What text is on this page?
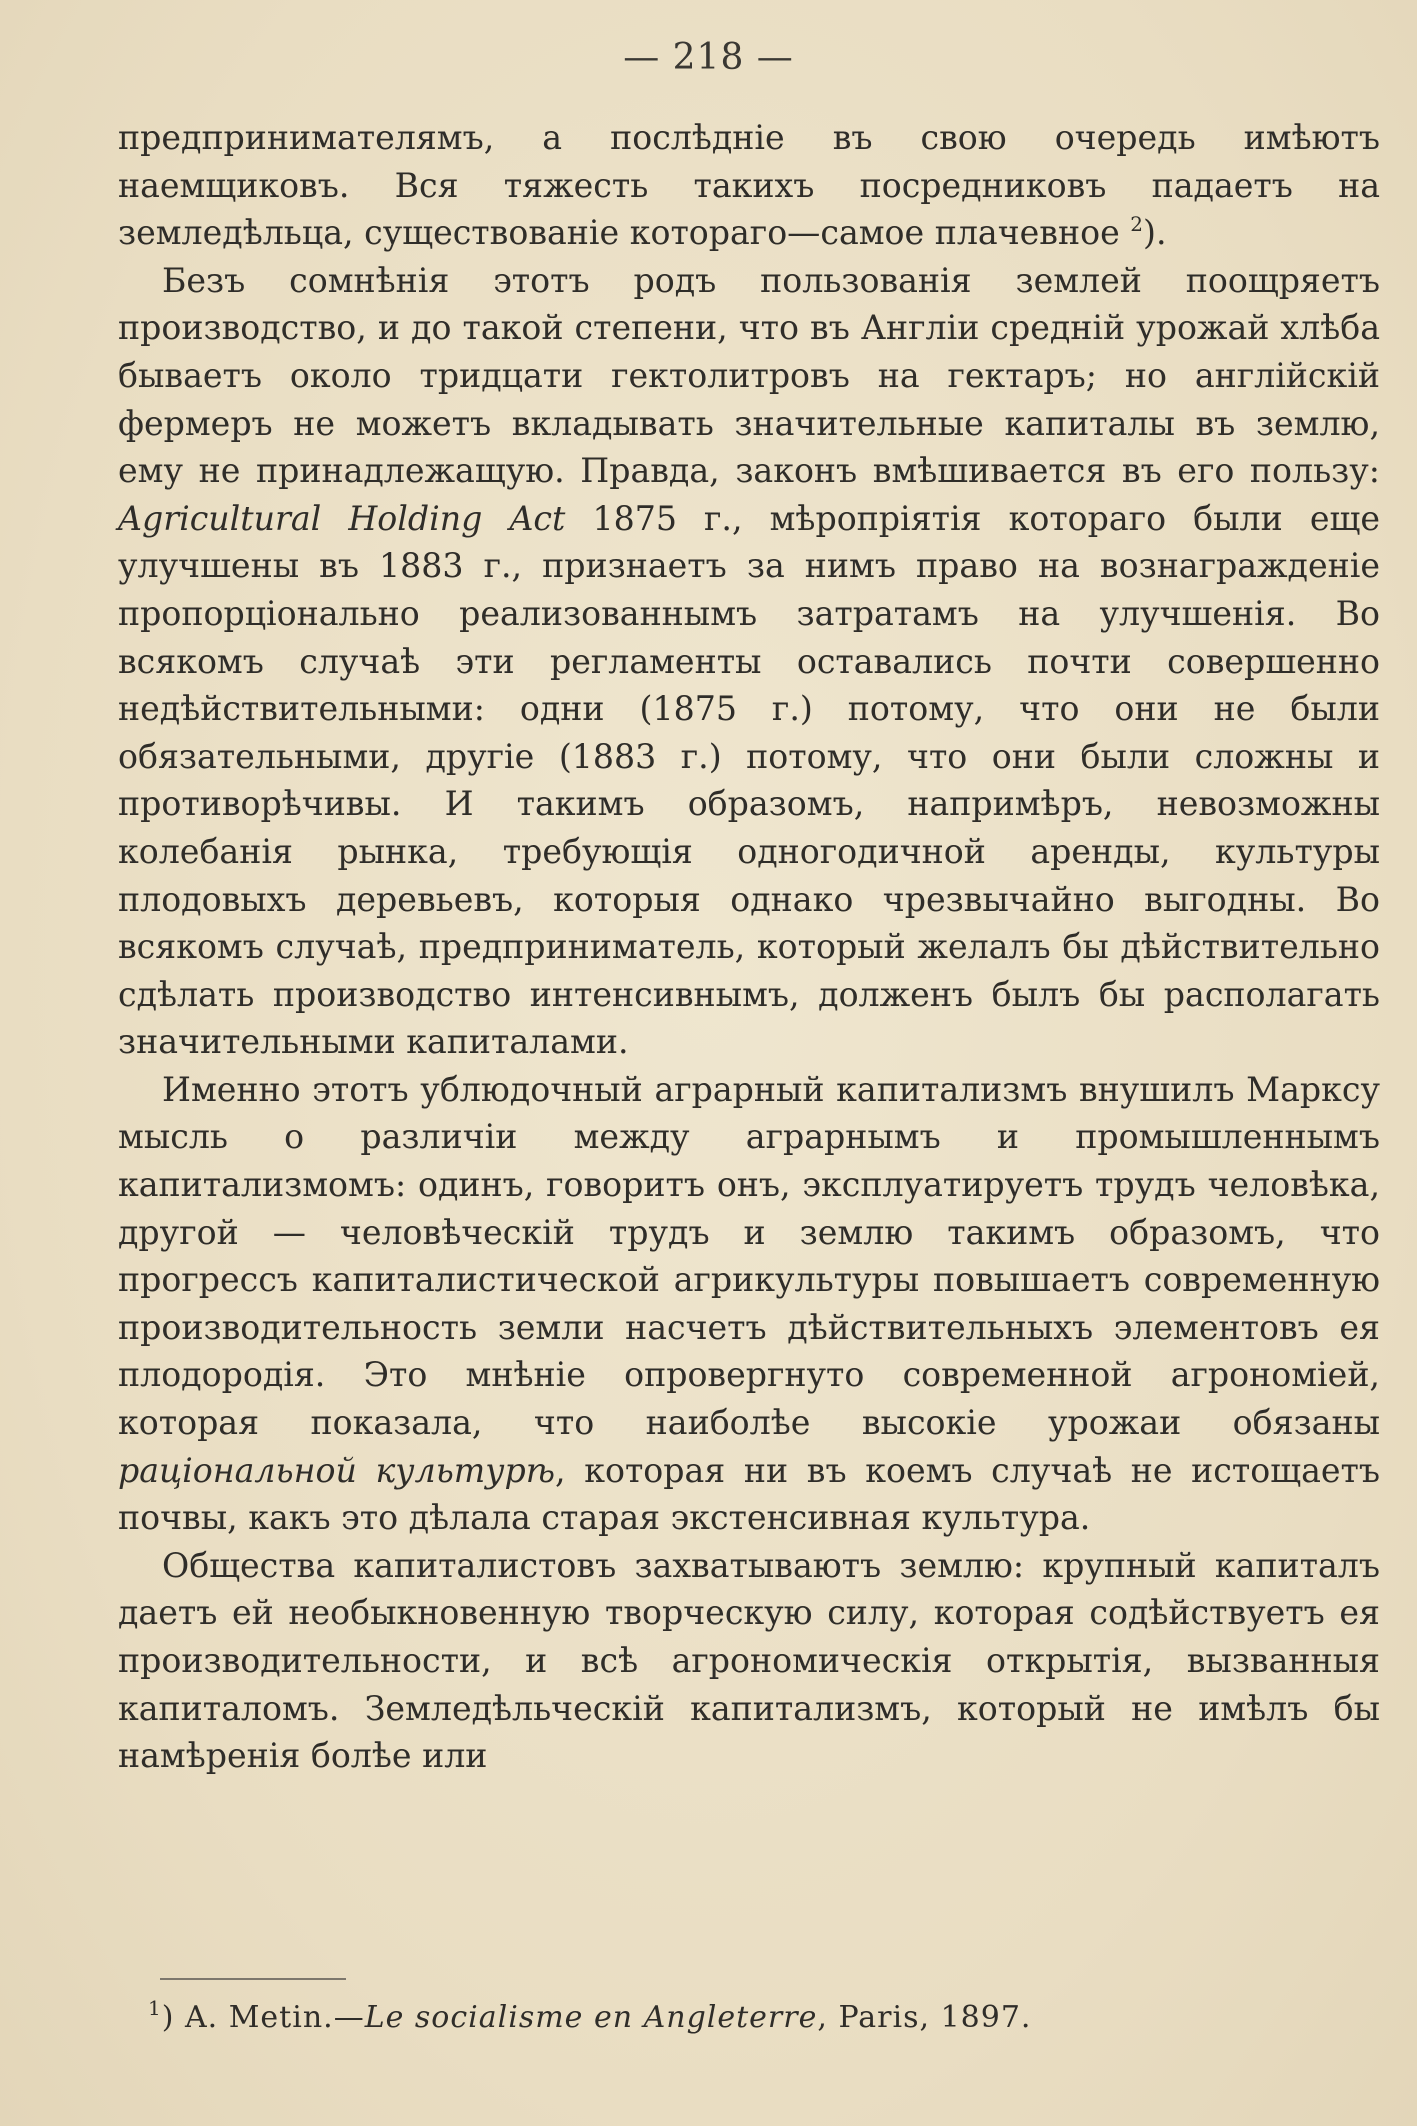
— 218 —

предпринимателямъ, а послѣдніе въ свою очередь имѣютъ наемщиковъ. Вся тяжесть такихъ посредниковъ падаетъ на земледѣльца, существованіе котораго—самое плачевное $^2$).

Безъ сомнѣнія этотъ родъ пользованія землей поощряетъ производство, и до такой степени, что въ Англіи средній урожай хлѣба бываетъ около тридцати гектолитровъ на гектаръ; но англійскій фермеръ не можетъ вкладывать значительные капиталы въ землю, ему не принадлежащую. Правда, законъ вмѣшивается въ его пользу: Agricultural Holding Act 1875 г., мѣропріятія котораго были еще улучшены въ 1883 г., признаетъ за нимъ право на вознагражденіе пропорціонально реализованнымъ затратамъ на улучшенія. Во всякомъ случаѣ эти регламенты оставались почти совершенно недѣйствительными: одни (1875 г.) потому, что они не были обязательными, другіе (1883 г.) потому, что они были сложны и противорѣчивы. И такимъ образомъ, напримѣръ, невозможны колебанія рынка, требующія одногодичной аренды, культуры плодовыхъ деревьевъ, которыя однако чрезвычайно выгодны. Во всякомъ случаѣ, предприниматель, который желалъ бы дѣйствительно сдѣлать производство интенсивнымъ, долженъ былъ бы располагать значительными капиталами.

Именно этотъ ублюдочный аграрный капитализмъ внушилъ Марксу мысль о различіи между аграрнымъ и промышленнымъ капитализмомъ: одинъ, говоритъ онъ, эксплуатируетъ трудъ человѣка, другой — человѣческій трудъ и землю такимъ образомъ, что прогрессъ капиталистической агрикультуры повышаетъ современную производительность земли насчетъ дѣйствительныхъ элементовъ ея плодородія. Это мнѣніе опровергнуто современной агрономіей, которая показала, что наиболѣе высокіе урожаи обязаны раціональной культурѣ, которая ни въ коемъ случаѣ не истощаетъ почвы, какъ это дѣлала старая экстенсивная культура.

Общества капиталистовъ захватываютъ землю: крупный капиталъ даетъ ей необыкновенную творческую силу, которая содѣйствуетъ ея производительности, и всѣ агрономическія открытія, вызванныя капиталомъ. Земледѣльческій капитализмъ, который не имѣлъ бы намѣренія болѣе или

$^1$) A. Metin.—Le socialisme en Angleterre, Paris, 1897.
